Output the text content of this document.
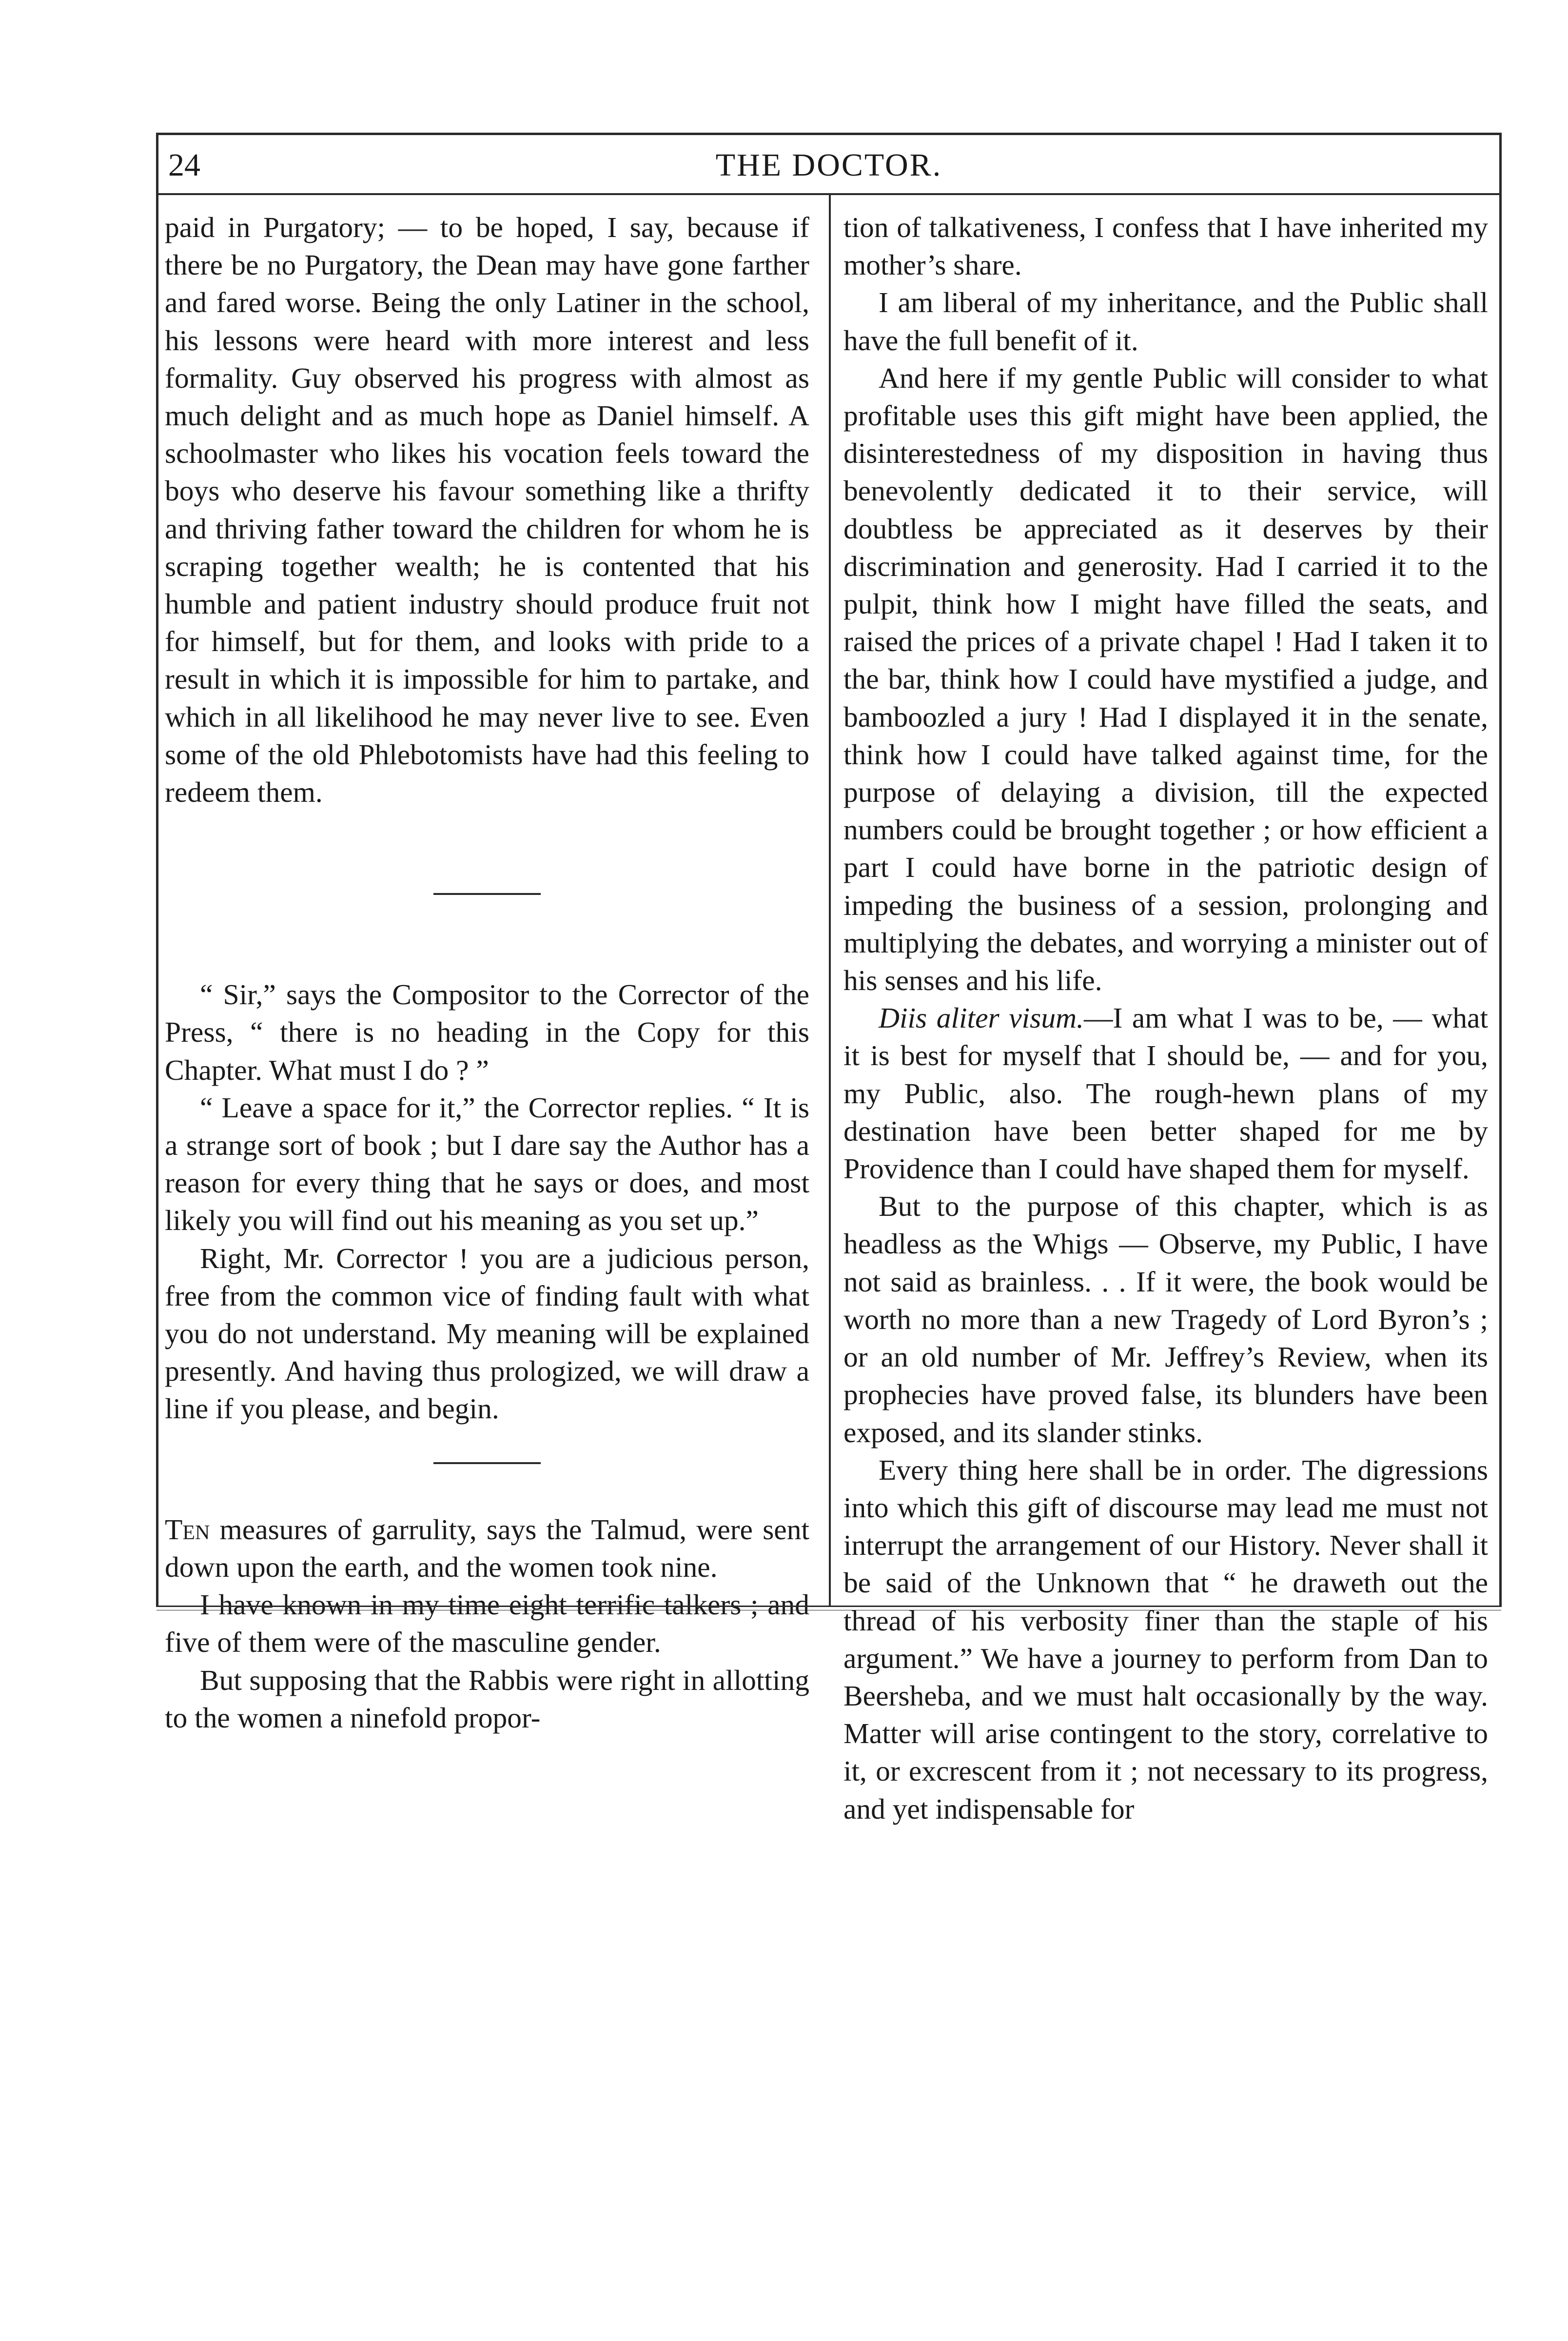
24	THE DOCTOR.

paid in Purgatory; — to be hoped, I say, because if there be no Purgatory, the Dean may have gone farther and fared worse. Being the only Latiner in the school, his lessons were heard with more interest and less formality. Guy observed his progress with almost as much delight and as much hope as Daniel himself. A schoolmaster who likes his vocation feels toward the boys who deserve his favour something like a thrifty and thriving father toward the children for whom he is scraping together wealth; he is contented that his humble and patient industry should produce fruit not for himself, but for them, and looks with pride to a result in which it is impossible for him to partake, and which in all likelihood he may never live to see. Even some of the old Phlebotomists have had this feeling to redeem them.

“ Sir,” says the Compositor to the Corrector of the Press, “ there is no heading in the Copy for this Chapter. What must I do ? ”

“ Leave a space for it,” the Corrector replies. “ It is a strange sort of book ; but I dare say the Author has a reason for every thing that he says or does, and most likely you will find out his meaning as you set up.”

Right, Mr. Corrector ! you are a judicious person, free from the common vice of finding fault with what you do not understand. My meaning will be explained presently. And having thus prologized, we will draw a line if you please, and begin.

Ten measures of garrulity, says the Talmud, were sent down upon the earth, and the women took nine.

I have known in my time eight terrific talkers ; and five of them were of the masculine gender.

But supposing that the Rabbis were right in allotting to the women a ninefold propor-

tion of talkativeness, I confess that I have inherited my mother’s share.

I am liberal of my inheritance, and the Public shall have the full benefit of it.

And here if my gentle Public will consider to what profitable uses this gift might have been applied, the disinterestedness of my disposition in having thus benevolently dedicated it to their service, will doubtless be appreciated as it deserves by their discrimination and generosity. Had I carried it to the pulpit, think how I might have filled the seats, and raised the prices of a private chapel ! Had I taken it to the bar, think how I could have mystified a judge, and bamboozled a jury ! Had I displayed it in the senate, think how I could have talked against time, for the purpose of delaying a division, till the expected numbers could be brought together ; or how efficient a part I could have borne in the patriotic design of impeding the business of a session, prolonging and multiplying the debates, and worrying a minister out of his senses and his life.

Diis aliter visum.—I am what I was to be, — what it is best for myself that I should be, — and for you, my Public, also. The rough-hewn plans of my destination have been better shaped for me by Providence than I could have shaped them for myself.

But to the purpose of this chapter, which is as headless as the Whigs — Observe, my Public, I have not said as brainless. . . If it were, the book would be worth no more than a new Tragedy of Lord Byron’s ; or an old number of Mr. Jeffrey’s Review, when its prophecies have proved false, its blunders have been exposed, and its slander stinks.

Every thing here shall be in order. The digressions into which this gift of discourse may lead me must not interrupt the arrangement of our History. Never shall it be said of the Unknown that “ he draweth out the thread of his verbosity finer than the staple of his argument.” We have a journey to perform from Dan to Beersheba, and we must halt occasionally by the way. Matter will arise contingent to the story, correlative to it, or excrescent from it ; not necessary to its progress, and yet indispensable for
